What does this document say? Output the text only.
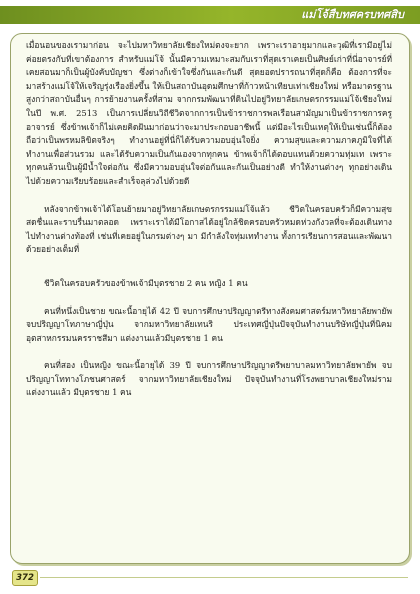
แม่โจ้สืบทศครบทศสิบ

เมื่อนอนของเรามาก่อน จะไปมหาวิทยาลัยเชียงใหม่ตงจะยาก เพราะเราอายุมากและวุฒิที่เรามีอยู่ไม่ค่อยตรงกับที่เขาต้องการ สำหรับแม่โจ้ นั้นมีความเหมาะสมกับเราที่สุดเราเคยเป็นศิษย์เก่าที่นี่อาจารย์ที่เคยสอนมาก็เป็นผู้บังคับบัญชา ซึ่งต่างก็เข้าใจซึ่งกันและกันดี สุดยอดปรารถนาที่สุดก็คือ ต้องการที่จะมาสร้างแม่โจ้ให้เจริญรุ่งเรืองยิ่งขึ้น ให้เป็นสถาบันอุดมศึกษาที่ก้าวหน้าเทียบเท่าเชียงใหม่ หรือมาตรฐานสูงกว่าสถาบันอื่นๆ การย้ายงานครั้งที่สาม จากกรมพัฒนาที่ดินไปอยู่วิทยาลัยเกษตรกรรมแม่โจ้เชียงใหม่ ในปี พ.ศ. 2513 เป็นการเปลี่ยนวิถีชีวิตจากการเป็นข้าราชการพลเรือนสามัญมาเป็นข้าราชการครูอาจารย์ ซึ่งข้าพเจ้าก็ไม่เคยคิดฝันมาก่อนว่าจะมาประกอบอาชีพนี้ แต่มีอะไรเป็นเหตุให้เป็นเช่นนี้ก็ต้องถือว่าเป็นพรหมลิขิตจริงๆ ทำงานอยู่ที่นี่ก็ได้รับความอบอุ่นใจยิ่ง ความสุขและความภาคภูมิใจที่ได้ทำงานเพื่อส่วนรวม และได้รับความเป็นกันเองจากทุกคน ข้าพเจ้าก็ได้ตอบแทนด้วยความทุ่มเท เพราะทุกคนล้วนเป็นผู้มีน้ำใจต่อกัน ซึ่งมีความอบอุ่นใจต่อกันและกันเป็นอย่างดี ทำให้งานต่างๆ ทุกอย่างเดินไปด้วยความเรียบร้อยและสำเร็จลุล่วงไปด้วยดี

หลังจากข้าพเจ้าได้โอนย้ายมาอยู่วิทยาลัยเกษตรกรรมแม่โจ้แล้ว ชีวิตในครอบครัวก็มีความสุขสดชื่นและราบรื่นมาตลอด เพราะเราได้มีโอกาสได้อยู่ใกล้ชิดครอบครัวหมดห่วงกังวลที่จะต้องเดินทางไปทำงานต่างท้องที่ เช่นที่เคยอยู่ในกรมต่างๆ มา มีกำลังใจทุ่มเททำงาน ทั้งการเรียนการสอนและพัฒนาด้วยอย่างเต็มที่

ชีวิตในครอบครัวของข้าพเจ้ามีบุตรชาย 2 คน หญิง 1 คน

คนที่หนึ่งเป็นชาย ขณะนี้อายุได้ 42 ปี จบการศึกษาปริญญาตรีทางสังคมศาสตร์มหาวิทยาลัยพายัพ จบปริญญาโทภาษาญี่ปุ่น จากมหาวิทยาลัยเทนริ ประเทศญี่ปุ่นปัจจุบันทำงานบริษัทญี่ปุ่นที่นิคมอุตสาหกรรมนครราชสีมา แต่งงานแล้วมีบุตรชาย 1 คน

คนที่สอง เป็นหญิง ขณะนี้อายุได้ 39 ปี จบการศึกษาปริญญาตรีพยาบาลมหาวิทยาลัยพายัพ จบปริญญาโททางโภชนศาสตร์ จากมหาวิทยาลัยเชียงใหม่ ปัจจุบันทำงานที่โรงพยาบาลเชียงใหม่ราม แต่งงานแล้ว มีบุตรชาย 1 คน

372
